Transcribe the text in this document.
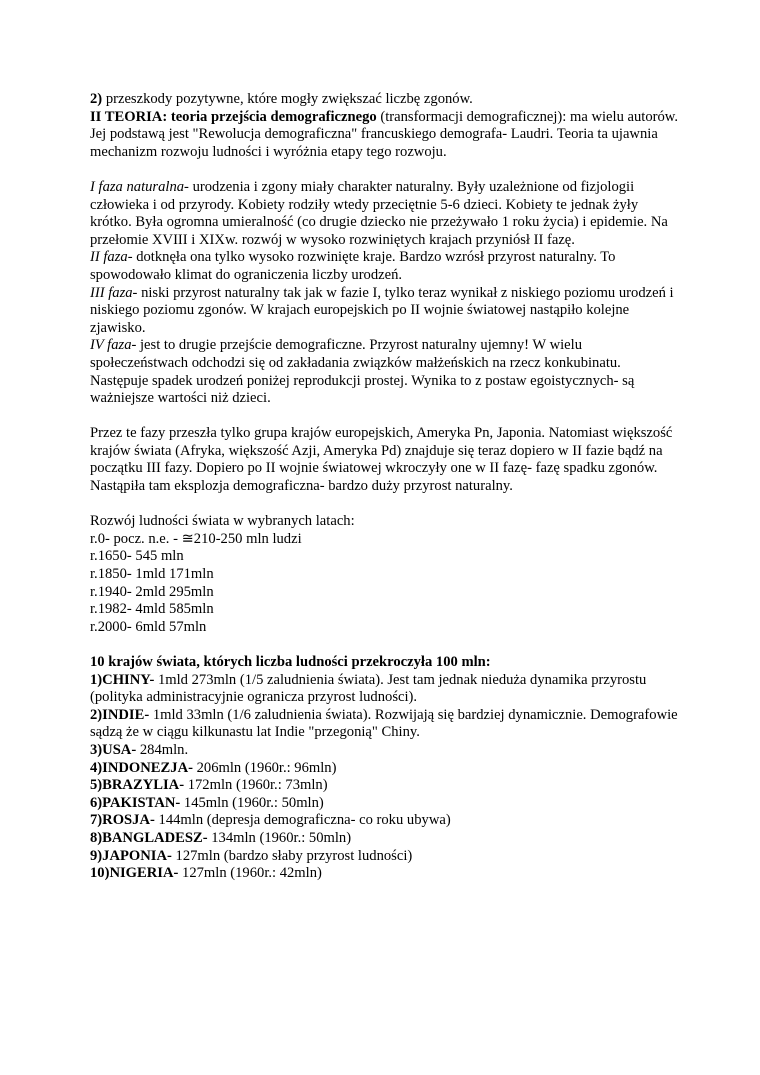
2) przeszkody pozytywne, które mogły zwiększać liczbę zgonów.

II TEORIA: teoria przejścia demograficznego (transformacji demograficznej): ma wielu autorów. Jej podstawą jest "Rewolucja demograficzna" francuskiego demografa- Laudri. Teoria ta ujawnia mechanizm rozwoju ludności i wyróżnia etapy tego rozwoju.

I faza naturalna- urodzenia i zgony miały charakter naturalny. Były uzależnione od fizjologii człowieka i od przyrody. Kobiety rodziły wtedy przeciętnie 5-6 dzieci. Kobiety te jednak żyły krótko. Była ogromna umieralność (co drugie dziecko nie przeżywało 1 roku życia) i epidemie. Na przełomie XVIII i XIXw. rozwój w wysoko rozwiniętych krajach przyniósł II fazę.

II faza- dotknęła ona tylko wysoko rozwinięte kraje. Bardzo wzrósł przyrost naturalny. To spowodowało klimat do ograniczenia liczby urodzeń.

III faza- niski przyrost naturalny tak jak w fazie I, tylko teraz wynikał z niskiego poziomu urodzeń i niskiego poziomu zgonów. W krajach europejskich po II wojnie światowej nastąpiło kolejne zjawisko.

IV faza- jest to drugie przejście demograficzne. Przyrost naturalny ujemny! W wielu społeczeństwach odchodzi się od zakładania związków małżeńskich na rzecz konkubinatu. Następuje spadek urodzeń poniżej reprodukcji prostej. Wynika to z postaw egoistycznych- są ważniejsze wartości niż dzieci.

Przez te fazy przeszła tylko grupa krajów europejskich, Ameryka Pn, Japonia. Natomiast większość krajów świata (Afryka, większość Azji, Ameryka Pd) znajduje się teraz dopiero w II fazie bądź na początku III fazy. Dopiero po II wojnie światowej wkroczyły one w II fazę- fazę spadku zgonów. Nastąpiła tam eksplozja demograficzna- bardzo duży przyrost naturalny.

Rozwój ludności świata w wybranych latach:

r.0- pocz. n.e. - ≅210-250 mln ludzi

r.1650- 545 mln

r.1850- 1mld 171mln

r.1940- 2mld 295mln

r.1982- 4mld 585mln

r.2000- 6mld 57mln

10 krajów świata, których liczba ludności przekroczyła 100 mln:

1)CHINY- 1mld 273mln (1/5 zaludnienia świata). Jest tam jednak nieduża dynamika przyrostu (polityka administracyjnie ogranicza przyrost ludności).

2)INDIE- 1mld 33mln (1/6 zaludnienia świata). Rozwijają się bardziej dynamicznie. Demografowie sądzą że w ciągu kilkunastu lat Indie "przegonią" Chiny.

3)USA- 284mln.

4)INDONEZJA- 206mln (1960r.: 96mln)

5)BRAZYLIA- 172mln (1960r.: 73mln)

6)PAKISTAN- 145mln (1960r.: 50mln)

7)ROSJA- 144mln (depresja demograficzna- co roku ubywa)

8)BANGLADESZ- 134mln (1960r.: 50mln)

9)JAPONIA- 127mln (bardzo słaby przyrost ludności)

10)NIGERIA- 127mln (1960r.: 42mln)
